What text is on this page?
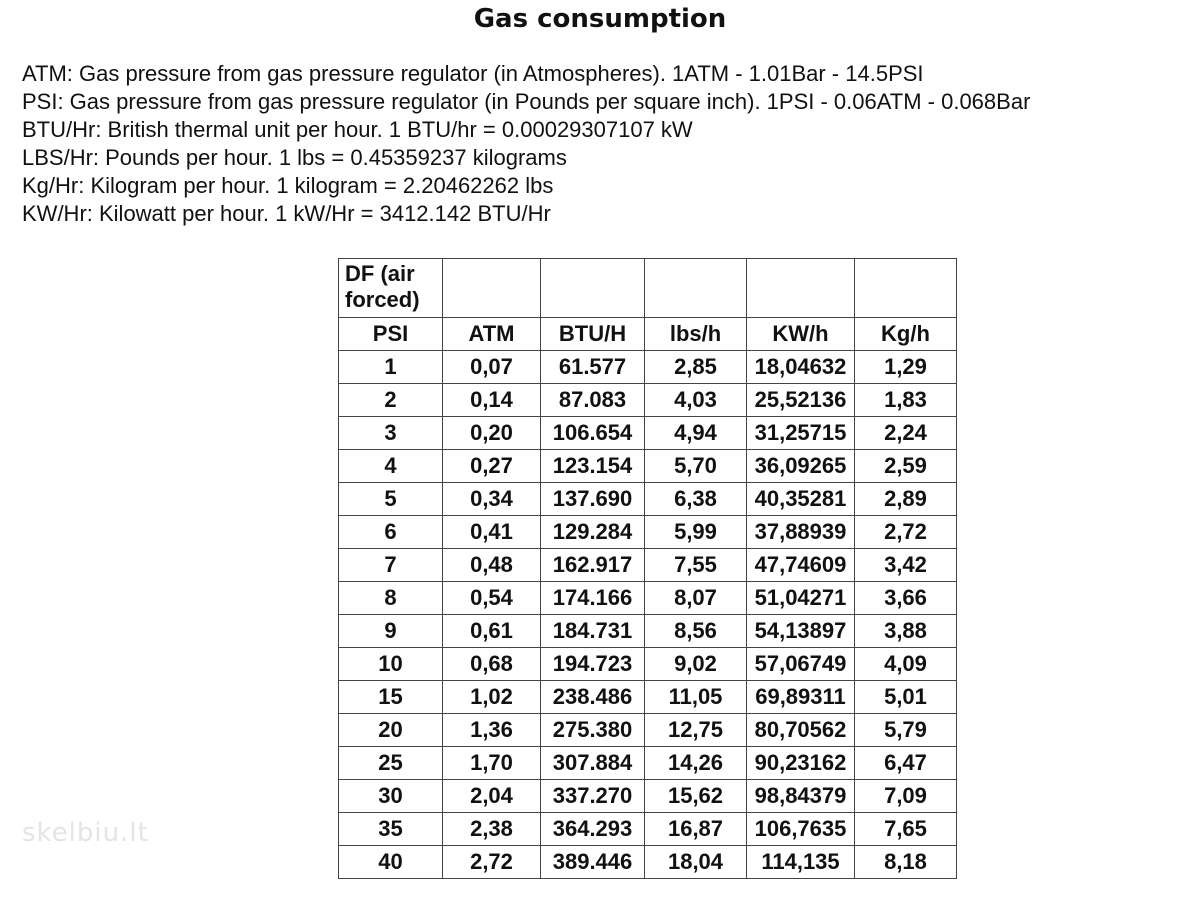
Gas consumption
ATM: Gas pressure from gas pressure regulator (in Atmospheres). 1ATM - 1.01Bar - 14.5PSI
PSI: Gas pressure from gas pressure regulator (in Pounds per square inch). 1PSI - 0.06ATM - 0.068Bar
BTU/Hr: British thermal unit per hour. 1 BTU/hr = 0.00029307107 kW
LBS/Hr: Pounds per hour. 1 lbs = 0.45359237 kilograms
Kg/Hr: Kilogram per hour. 1 kilogram = 2.20462262 lbs
KW/Hr: Kilowatt per hour. 1 kW/Hr = 3412.142 BTU/Hr
DF (air forced)					
PSI	ATM	BTU/H	lbs/h	KW/h	Kg/h
1	0,07	61.577	2,85	18,04632	1,29
2	0,14	87.083	4,03	25,52136	1,83
3	0,20	106.654	4,94	31,25715	2,24
4	0,27	123.154	5,70	36,09265	2,59
5	0,34	137.690	6,38	40,35281	2,89
6	0,41	129.284	5,99	37,88939	2,72
7	0,48	162.917	7,55	47,74609	3,42
8	0,54	174.166	8,07	51,04271	3,66
9	0,61	184.731	8,56	54,13897	3,88
10	0,68	194.723	9,02	57,06749	4,09
15	1,02	238.486	11,05	69,89311	5,01
20	1,36	275.380	12,75	80,70562	5,79
25	1,70	307.884	14,26	90,23162	6,47
30	2,04	337.270	15,62	98,84379	7,09
35	2,38	364.293	16,87	106,7635	7,65
40	2,72	389.446	18,04	114,135	8,18
skelbiu.lt
